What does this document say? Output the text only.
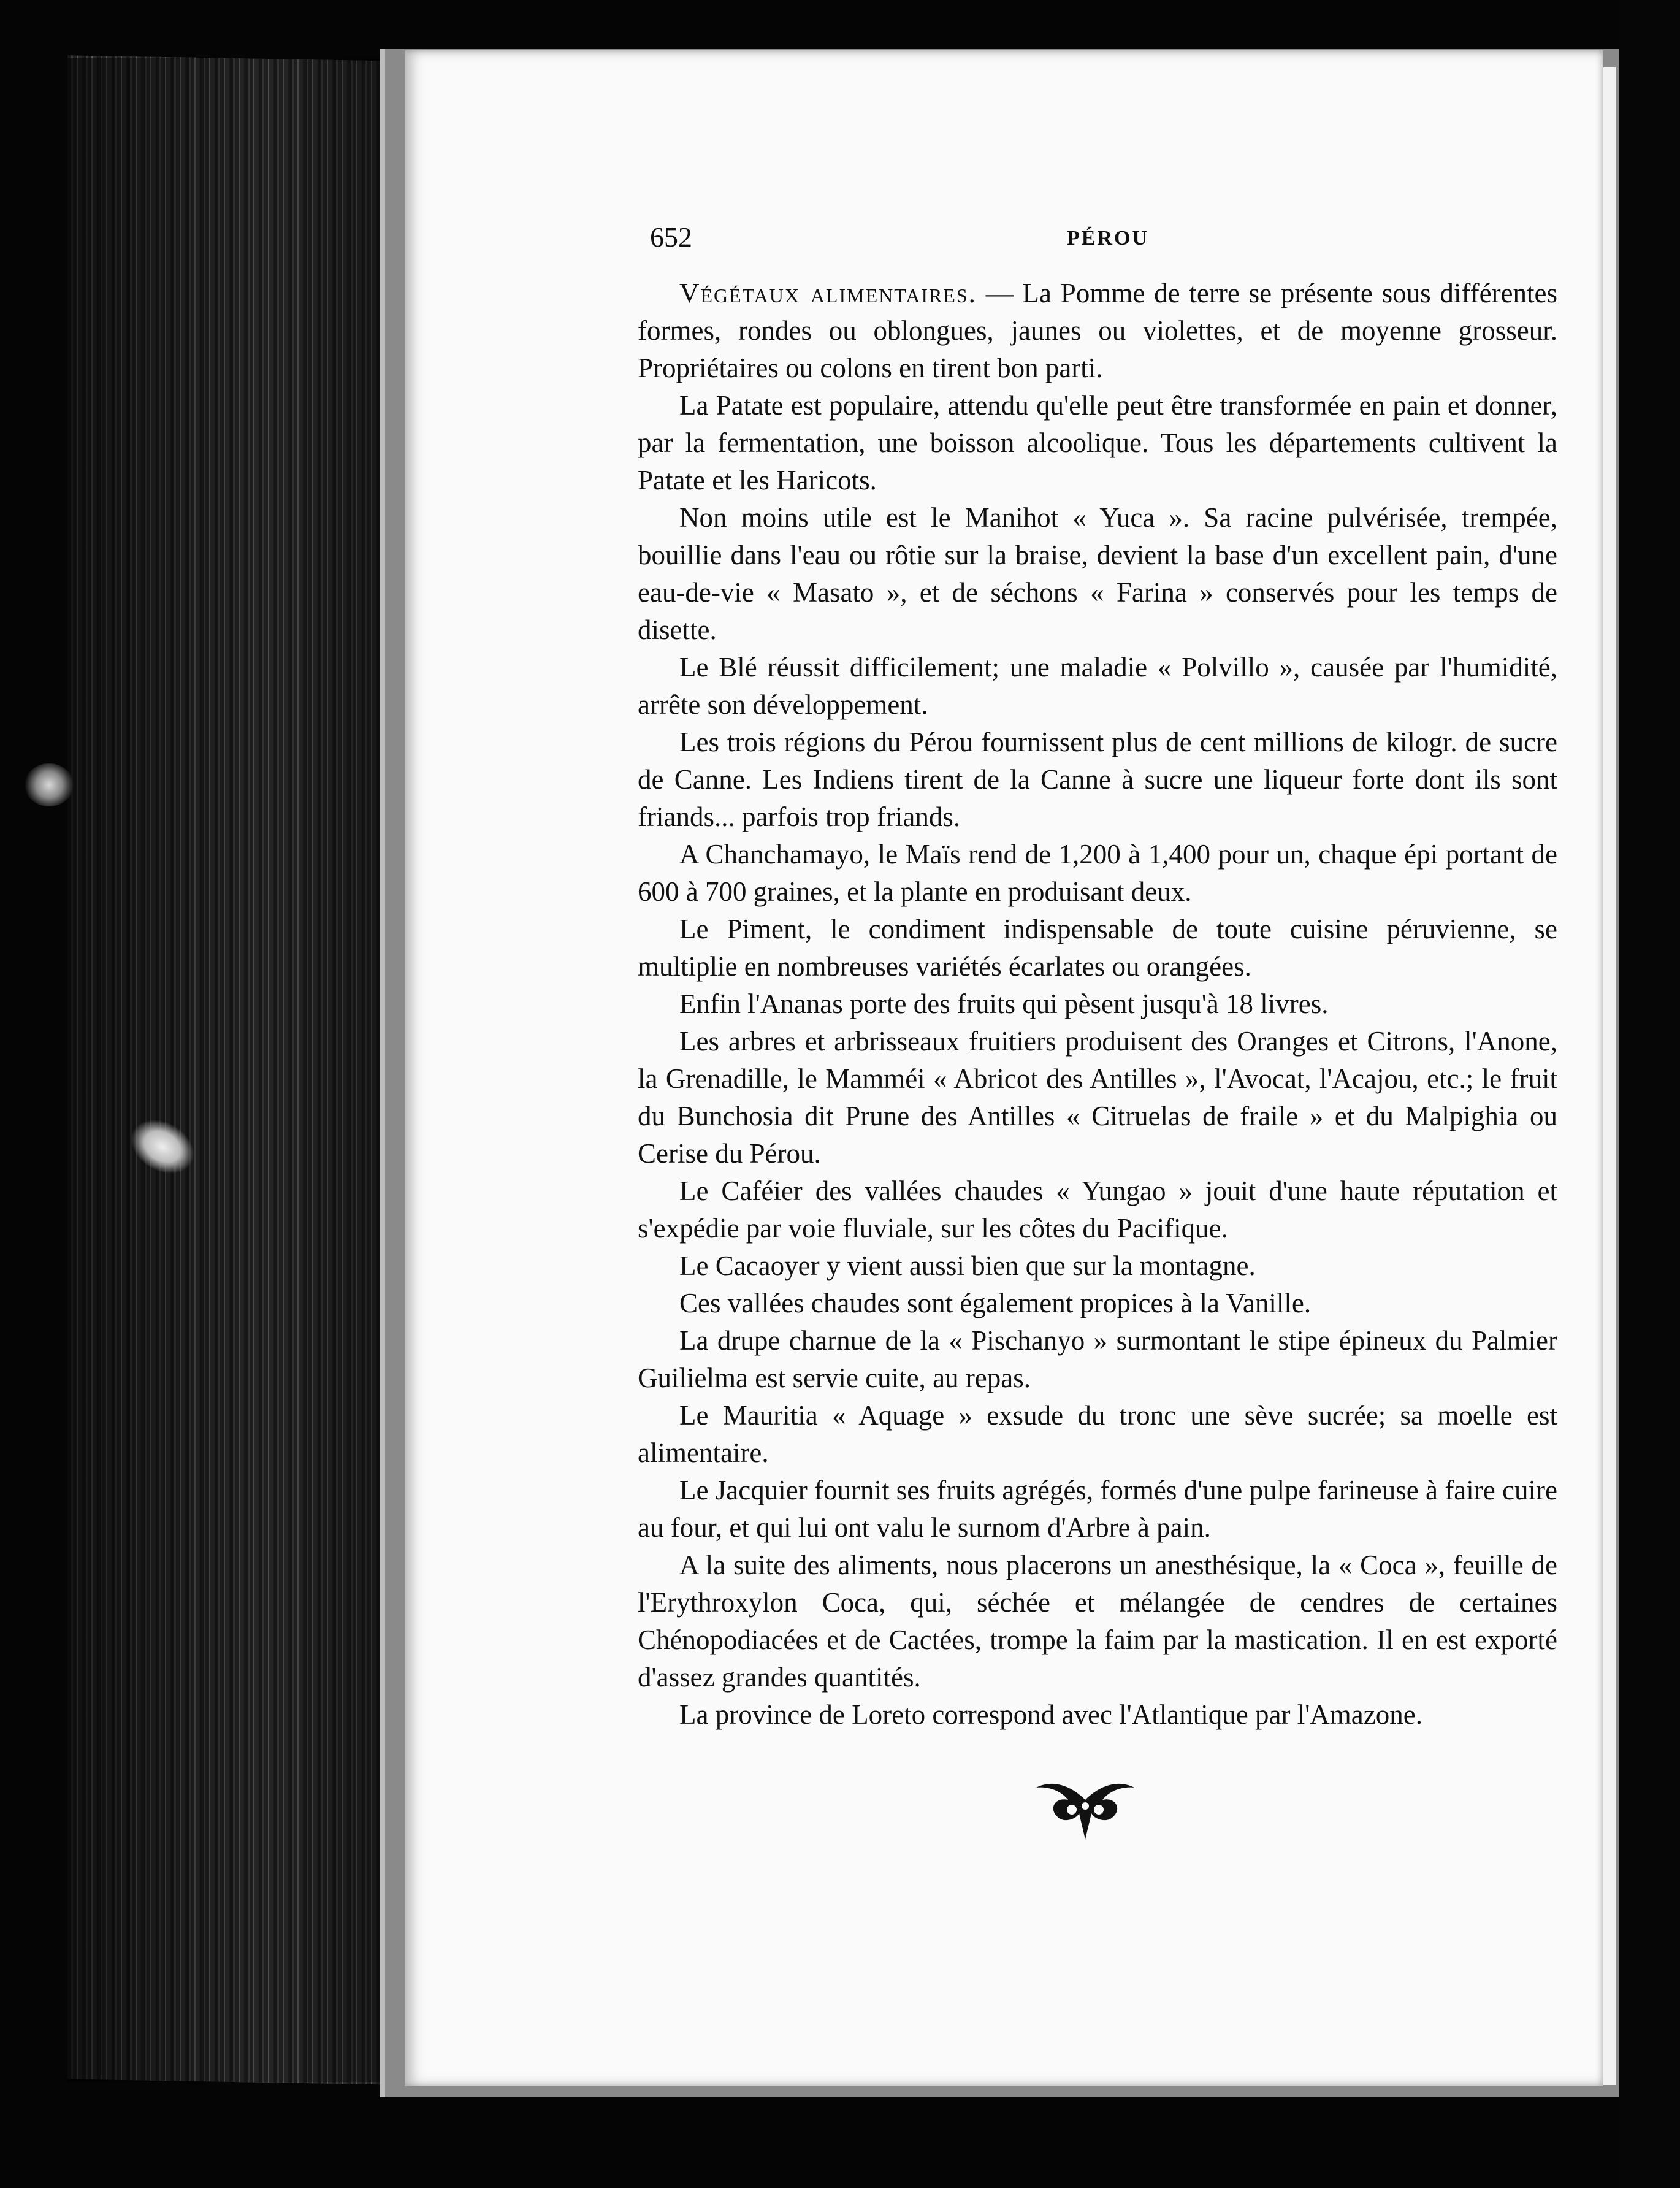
652	PÉROU

Végétaux alimentaires. — La Pomme de terre se présente sous différentes formes, rondes ou oblongues, jaunes ou violettes, et de moyenne grosseur. Propriétaires ou colons en tirent bon parti.

La Patate est populaire, attendu qu'elle peut être transformée en pain et donner, par la fermentation, une boisson alcoolique. Tous les départements cultivent la Patate et les Haricots.

Non moins utile est le Manihot « Yuca ». Sa racine pulvérisée, trempée, bouillie dans l'eau ou rôtie sur la braise, devient la base d'un excellent pain, d'une eau-de-vie « Masato », et de séchons « Farina » conservés pour les temps de disette.

Le Blé réussit difficilement; une maladie « Polvillo », causée par l'humidité, arrête son développement.

Les trois régions du Pérou fournissent plus de cent millions de kilogr. de sucre de Canne. Les Indiens tirent de la Canne à sucre une liqueur forte dont ils sont friands... parfois trop friands.

A Chanchamayo, le Maïs rend de 1,200 à 1,400 pour un, chaque épi portant de 600 à 700 graines, et la plante en produisant deux.

Le Piment, le condiment indispensable de toute cuisine péruvienne, se multiplie en nombreuses variétés écarlates ou orangées.

Enfin l'Ananas porte des fruits qui pèsent jusqu'à 18 livres.

Les arbres et arbrisseaux fruitiers produisent des Oranges et Citrons, l'Anone, la Grenadille, le Mamméi « Abricot des Antilles », l'Avocat, l'Acajou, etc.; le fruit du Bunchosia dit Prune des Antilles « Citruelas de fraile » et du Malpighia ou Cerise du Pérou.

Le Caféier des vallées chaudes « Yungao » jouit d'une haute réputation et s'expédie par voie fluviale, sur les côtes du Pacifique.

Le Cacaoyer y vient aussi bien que sur la montagne.

Ces vallées chaudes sont également propices à la Vanille.

La drupe charnue de la « Pischanyo » surmontant le stipe épineux du Palmier Guilielma est servie cuite, au repas.

Le Mauritia « Aquage » exsude du tronc une sève sucrée; sa moelle est alimentaire.

Le Jacquier fournit ses fruits agrégés, formés d'une pulpe farineuse à faire cuire au four, et qui lui ont valu le surnom d'Arbre à pain.

A la suite des aliments, nous placerons un anesthésique, la « Coca », feuille de l'Erythroxylon Coca, qui, séchée et mélangée de cendres de certaines Chénopodiacées et de Cactées, trompe la faim par la mastication. Il en est exporté d'assez grandes quantités.

La province de Loreto correspond avec l'Atlantique par l'Amazone.
